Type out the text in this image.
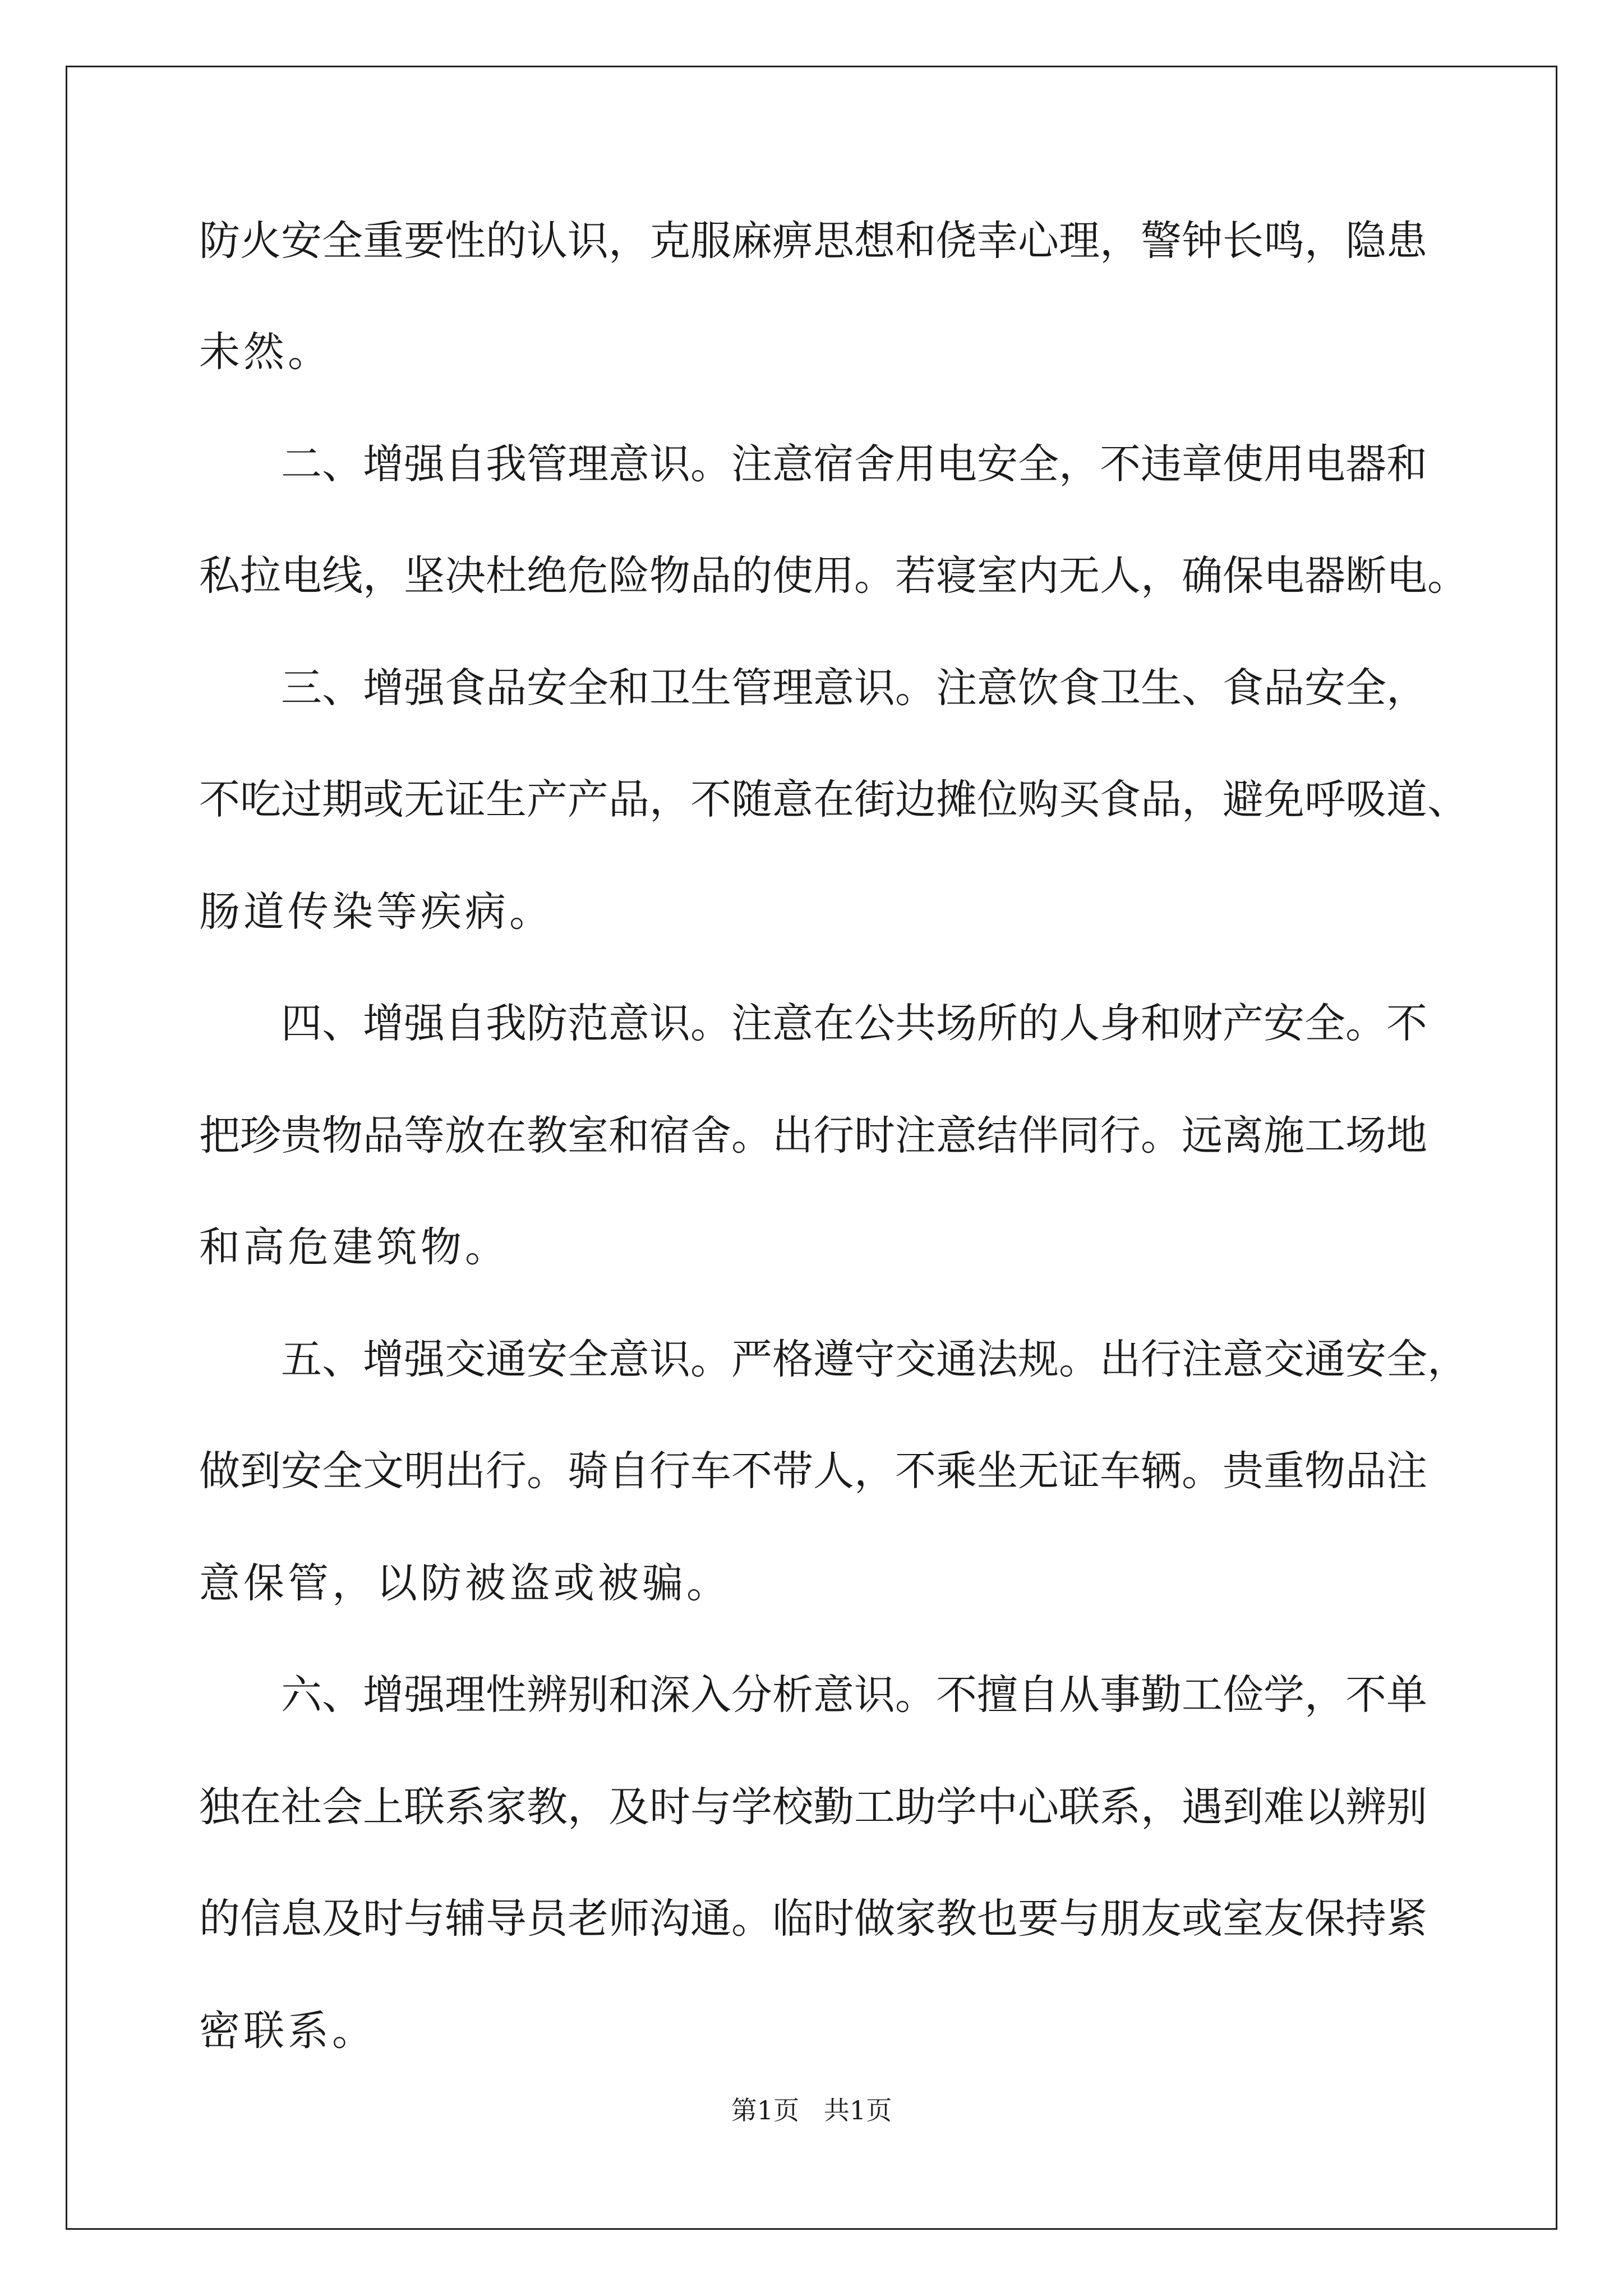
防火安全重要性的认识，克服麻痹思想和侥幸心理，警钟长鸣，隐患
未然。
二、增强自我管理意识。注意宿舍用电安全，不违章使用电器和
私拉电线，坚决杜绝危险物品的使用。若寝室内无人，确保电器断电。
三、增强食品安全和卫生管理意识。注意饮食卫生、食品安全，
不吃过期或无证生产产品，不随意在街边摊位购买食品，避免呼吸道、
肠道传染等疾病。
四、增强自我防范意识。注意在公共场所的人身和财产安全。不
把珍贵物品等放在教室和宿舍。出行时注意结伴同行。远离施工场地
和高危建筑物。
五、增强交通安全意识。严格遵守交通法规。出行注意交通安全，
做到安全文明出行。骑自行车不带人，不乘坐无证车辆。贵重物品注
意保管，以防被盗或被骗。
六、增强理性辨别和深入分析意识。不擅自从事勤工俭学，不单
独在社会上联系家教，及时与学校勤工助学中心联系，遇到难以辨别
的信息及时与辅导员老师沟通。临时做家教也要与朋友或室友保持紧
密联系。
第1页   共1页
